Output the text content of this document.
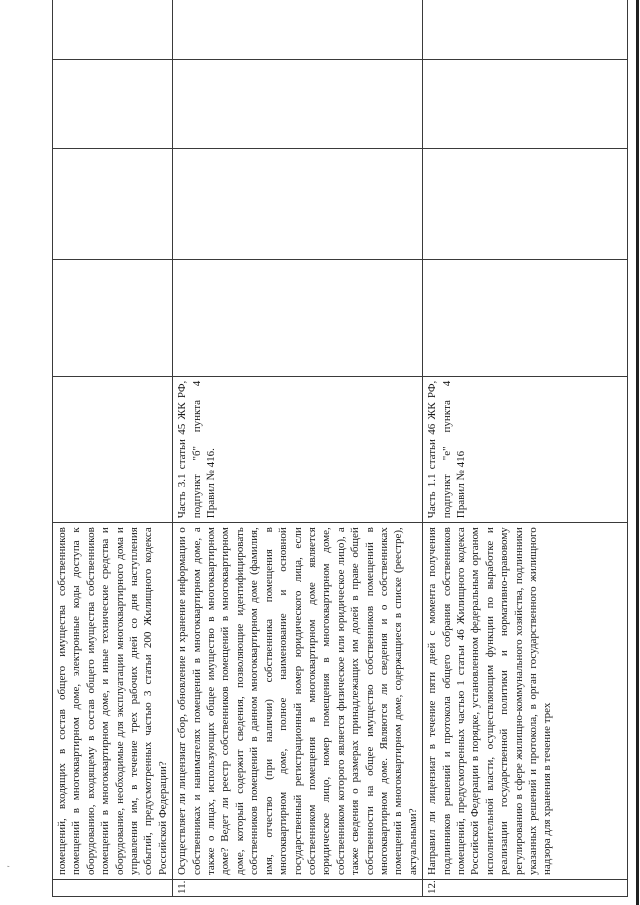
'
		помещений, входящих в состав общего имущества собственников помещений в многоквартирном доме, электронные коды доступа к оборудованию, входящему в состав общего имущества собственников помещений в многоквартирном доме, и иные технические средства и оборудование, необходимые для эксплуатации многоквартирного дома и управления им, в течение трех рабочих дней со дня наступления событий, предусмотренных частью 3 статьи 200 Жилищного кодекса Российской Федерации?					
11.	Осуществляет ли лицензиат сбор, обновление и хранение информации о собственниках и нанимателях помещений в многоквартирном доме, а также о лицах, использующих общее имущество в многоквартирном доме? Ведет ли реестр собственников помещений в многоквартирном доме, который содержит сведения, позволяющие идентифицировать собственников помещений в данном многоквартирном доме (фамилия, имя, отчество (при наличии) собственника помещения в многоквартирном доме, полное наименование и основной государственный регистрационный номер юридического лица, если собственником помещения в многоквартирном доме является юридическое лицо, номер помещения в многоквартирном доме, собственником которого является физическое или юридическое лицо), а также сведения о размерах принадлежащих им долей в праве общей собственности на общее имущество собственников помещений в многоквартирном доме. Являются ли сведения и о собственниках помещений в многоквартирном доме, содержащиеся в списке (реестре), актуальными?	Часть 3.1 статьи 45 ЖК РФ, подпункт "б" пункта 4 Правил № 416.				
12.	Направил ли лицензиат в течение пяти дней с момента получения подлинников решений и протокола общего собрания собственников помещений, предусмотренных частью 1 статьи 46 Жилищного кодекса Российской Федерации в порядке, установленном федеральным органом исполнительной власти, осуществляющим функции по выработке и реализации государственной политики и нормативно-правовому регулированию в сфере жилищно-коммунального хозяйства, подлинники указанных решений и протокола, в орган государственного жилищного надзора для хранения в течение трех	Часть 1.1 статьи 46 ЖК РФ, подпункт "е" пункта 4 Правил № 416				
